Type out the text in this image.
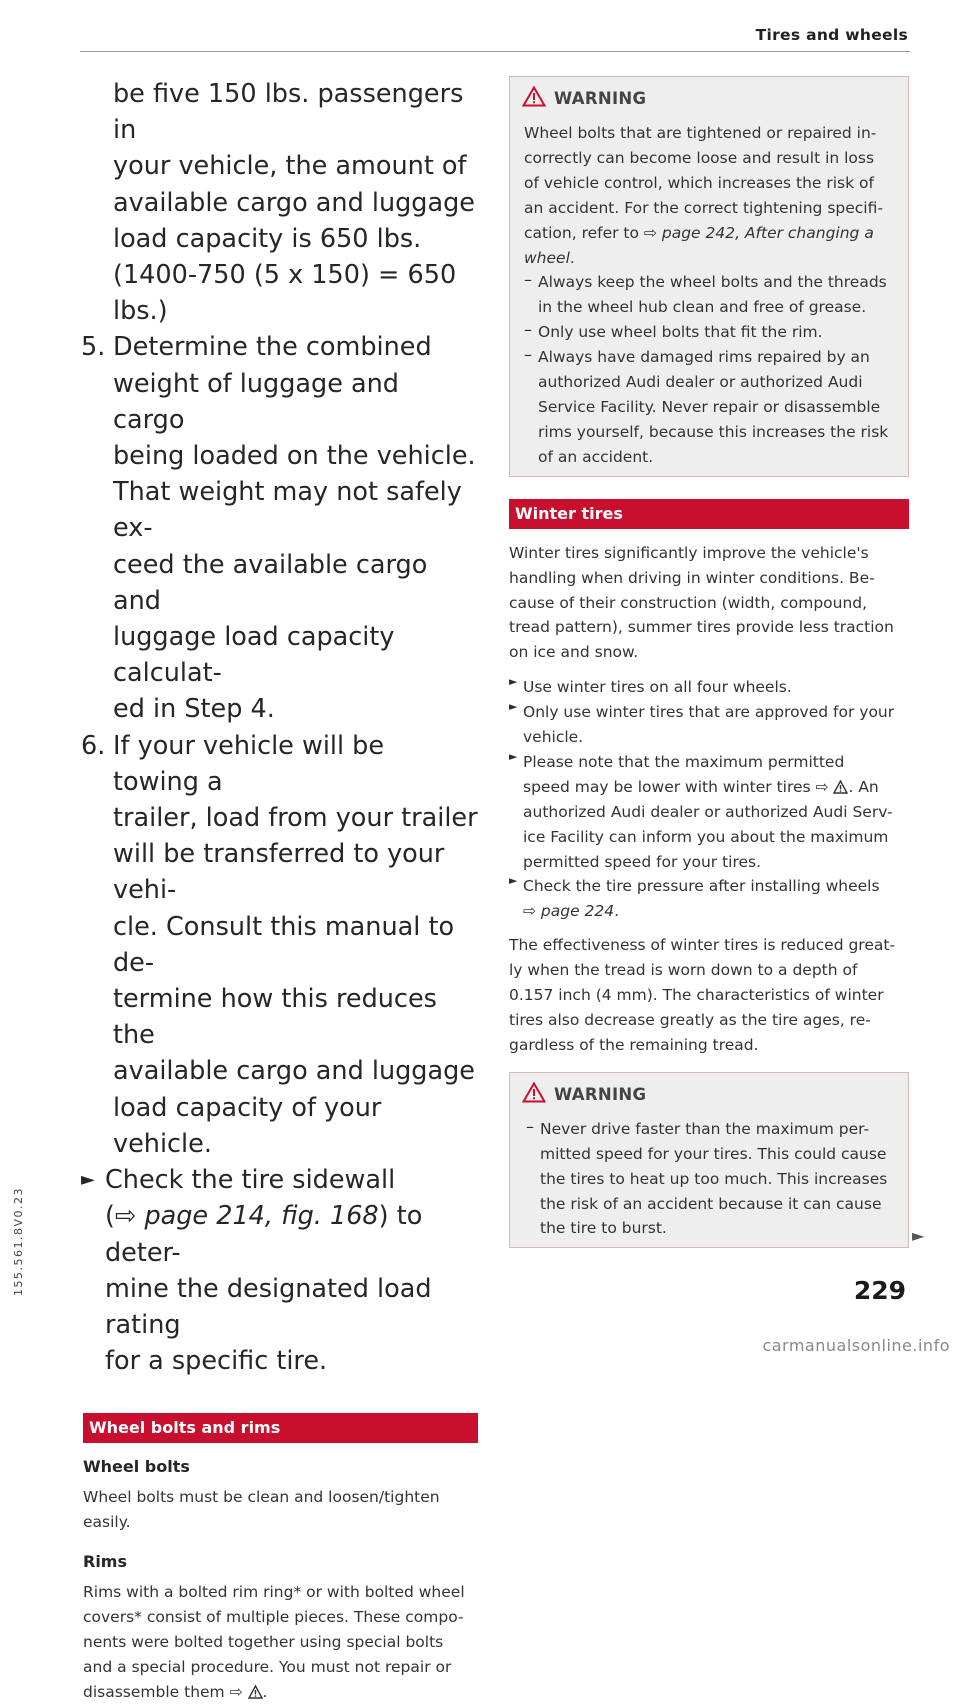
Tires and wheels

be five 150 lbs. passengers in

your vehicle, the amount of

available cargo and luggage

load capacity is 650 lbs.

(1400-750 (5 x 150) = 650

lbs.)

5. Determine the combined

weight of luggage and cargo

being loaded on the vehicle.

That weight may not safely ex-

ceed the available cargo and

luggage load capacity calculat-

ed in Step 4.

6. If your vehicle will be towing a

trailer, load from your trailer

will be transferred to your vehi-

cle. Consult this manual to de-

termine how this reduces the

available cargo and luggage

load capacity of your vehicle.

► Check the tire sidewall

(⇨ page 214, fig. 168) to deter-

mine the designated load rating

for a specific tire.

Wheel bolts and rims

Wheel bolts

Wheel bolts must be clean and loosen/tighten

easily.

Rims

Rims with a bolted rim ring* or with bolted wheel

covers* consist of multiple pieces. These compo-

nents were bolted together using special bolts

and a special procedure. You must not repair or

disassemble them ⇨ .

WARNING

Wheel bolts that are tightened or repaired in-

correctly can become loose and result in loss

of vehicle control, which increases the risk of

an accident. For the correct tightening specifi-

cation, refer to ⇨ page 242, After changing a

wheel.

– Always keep the wheel bolts and the threads

in the wheel hub clean and free of grease.

– Only use wheel bolts that fit the rim.

– Always have damaged rims repaired by an

authorized Audi dealer or authorized Audi

Service Facility. Never repair or disassemble

rims yourself, because this increases the risk

of an accident.

Winter tires

Winter tires significantly improve the vehicle's

handling when driving in winter conditions. Be-

cause of their construction (width, compound,

tread pattern), summer tires provide less traction

on ice and snow.

► Use winter tires on all four wheels.

► Only use winter tires that are approved for your

vehicle.

► Please note that the maximum permitted

speed may be lower with winter tires ⇨ . An

authorized Audi dealer or authorized Audi Serv-

ice Facility can inform you about the maximum

permitted speed for your tires.

► Check the tire pressure after installing wheels

⇨ page 224.

The effectiveness of winter tires is reduced great-

ly when the tread is worn down to a depth of

0.157 inch (4 mm). The characteristics of winter

tires also decrease greatly as the tire ages, re-

gardless of the remaining tread.

WARNING
– Never drive faster than the maximum per-

mitted speed for your tires. This could cause

the tires to heat up too much. This increases

the risk of an accident because it can cause

the tire to burst.	►
155.561.8V0.23	229
carmanualsonline.info
